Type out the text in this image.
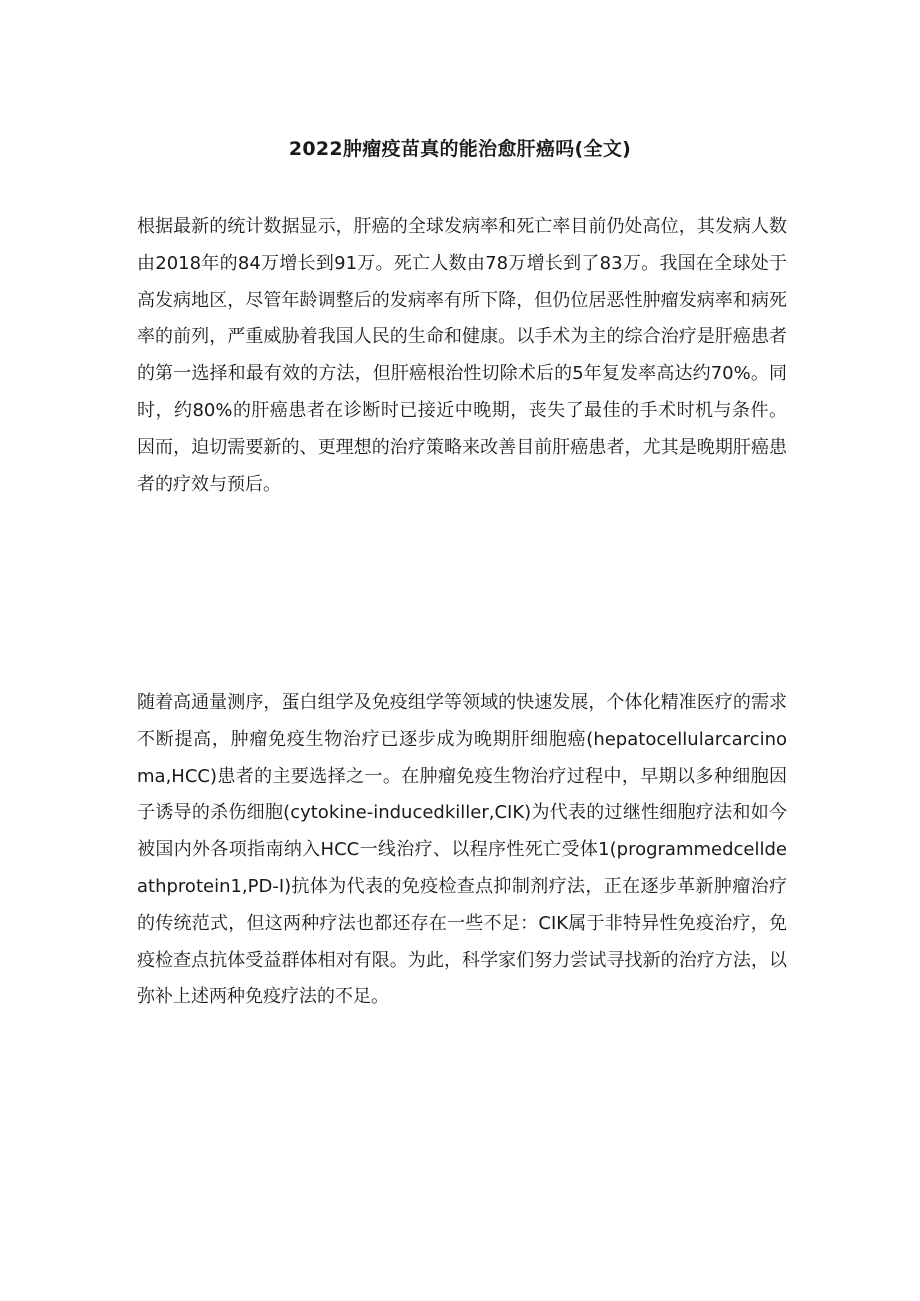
2022肿瘤疫苗真的能治愈肝癌吗(全文)

根据最新的统计数据显示，肝癌的全球发病率和死亡率目前仍处高位，其发病人数由2018年的84万增长到91万。死亡人数由78万增长到了83万。我国在全球处于高发病地区，尽管年龄调整后的发病率有所下降，但仍位居恶性肿瘤发病率和病死率的前列，严重威胁着我国人民的生命和健康。以手术为主的综合治疗是肝癌患者的第一选择和最有效的方法，但肝癌根治性切除术后的5年复发率高达约70%。同时，约80%的肝癌患者在诊断时已接近中晚期，丧失了最佳的手术时机与条件。因而，迫切需要新的、更理想的治疗策略来改善目前肝癌患者，尤其是晚期肝癌患者的疗效与预后。

随着高通量测序，蛋白组学及免疫组学等领域的快速发展，个体化精准医疗的需求不断提高，肿瘤免疫生物治疗已逐步成为晚期肝细胞癌(hepatocellularcarcinoma,HCC)患者的主要选择之一。在肿瘤免疫生物治疗过程中，早期以多种细胞因子诱导的杀伤细胞(cytokine-inducedkiller,CIK)为代表的过继性细胞疗法和如今被国内外各项指南纳入HCC一线治疗、以程序性死亡受体1(programmedcelldeathprotein1,PD-I)抗体为代表的免疫检查点抑制剂疗法，正在逐步革新肿瘤治疗的传统范式，但这两种疗法也都还存在一些不足：CIK属于非特异性免疫治疗，免疫检查点抗体受益群体相对有限。为此，科学家们努力尝试寻找新的治疗方法，以弥补上述两种免疫疗法的不足。
